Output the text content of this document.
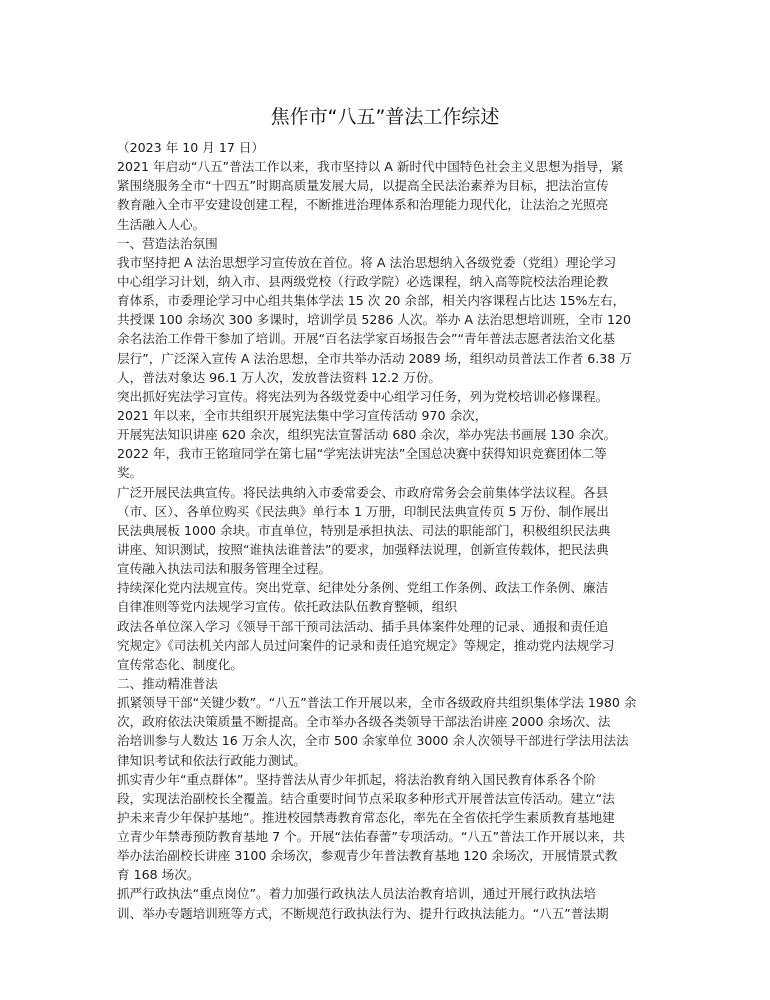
焦作市“八五”普法工作综述
（2023 年 10 月 17 日）
2021 年启动“八五”普法工作以来，我市坚持以 A 新时代中国特色社会主义思想为指导，紧
紧围绕服务全市“十四五”时期高质量发展大局，以提高全民法治素养为目标，把法治宣传
教育融入全市平安建设创建工程，不断推进治理体系和治理能力现代化，让法治之光照亮
生活融入人心。
一、营造法治氛围
我市坚持把 A 法治思想学习宣传放在首位。将 A 法治思想纳入各级党委（党组）理论学习
中心组学习计划，纳入市、县两级党校（行政学院）必选课程，纳入高等院校法治理论教
育体系，市委理论学习中心组共集体学法 15 次 20 余部，相关内容课程占比达 15%左右，
共授课 100 余场次 300 多课时，培训学员 5286 人次。举办 A 法治思想培训班，全市 120
余名法治工作骨干参加了培训。开展“百名法学家百场报告会”“青年普法志愿者法治文化基
层行”，广泛深入宣传 A 法治思想，全市共举办活动 2089 场，组织动员普法工作者 6.38 万
人，普法对象达 96.1 万人次，发放普法资料 12.2 万份。
突出抓好宪法学习宣传。将宪法列为各级党委中心组学习任务，列为党校培训必修课程。
2021 年以来，全市共组织开展宪法集中学习宣传活动 970 余次，
开展宪法知识讲座 620 余次，组织宪法宣誓活动 680 余次，举办宪法书画展 130 余次。
2022 年，我市王铭瑄同学在第七届“学宪法讲宪法”全国总决赛中获得知识竞赛团体二等
奖。
广泛开展民法典宣传。将民法典纳入市委常委会、市政府常务会会前集体学法议程。各县
（市、区）、各单位购买《民法典》单行本 1 万册，印制民法典宣传页 5 万份、制作展出
民法典展板 1000 余块。市直单位，特别是承担执法、司法的职能部门，积极组织民法典
讲座、知识测试，按照“谁执法谁普法”的要求，加强释法说理，创新宣传载体，把民法典
宣传融入执法司法和服务管理全过程。
持续深化党内法规宣传。突出党章、纪律处分条例、党组工作条例、政法工作条例、廉洁
自律准则等党内法规学习宣传。依托政法队伍教育整顿，组织
政法各单位深入学习《领导干部干预司法活动、插手具体案件处理的记录、通报和责任追
究规定》《司法机关内部人员过问案件的记录和责任追究规定》等规定，推动党内法规学习
宣传常态化、制度化。
二、推动精准普法
抓紧领导干部“关键少数”。“八五”普法工作开展以来，全市各级政府共组织集体学法 1980 余
次，政府依法决策质量不断提高。全市举办各级各类领导干部法治讲座 2000 余场次、法
治培训参与人数达 16 万余人次，全市 500 余家单位 3000 余人次领导干部进行学法用法法
律知识考试和依法行政能力测试。
抓实青少年“重点群体”。坚持普法从青少年抓起，将法治教育纳入国民教育体系各个阶
段，实现法治副校长全覆盖。结合重要时间节点采取多种形式开展普法宣传活动。建立“法
护未来青少年保护基地”。推进校园禁毒教育常态化，率先在全省依托学生素质教育基地建
立青少年禁毒预防教育基地 7 个。开展“法佑春蕾”专项活动。“八五”普法工作开展以来，共
举办法治副校长讲座 3100 余场次，参观青少年普法教育基地 120 余场次，开展情景式教
育 168 场次。
抓严行政执法“重点岗位”。着力加强行政执法人员法治教育培训，通过开展行政执法培
训、举办专题培训班等方式，不断规范行政执法行为、提升行政执法能力。“八五”普法期
